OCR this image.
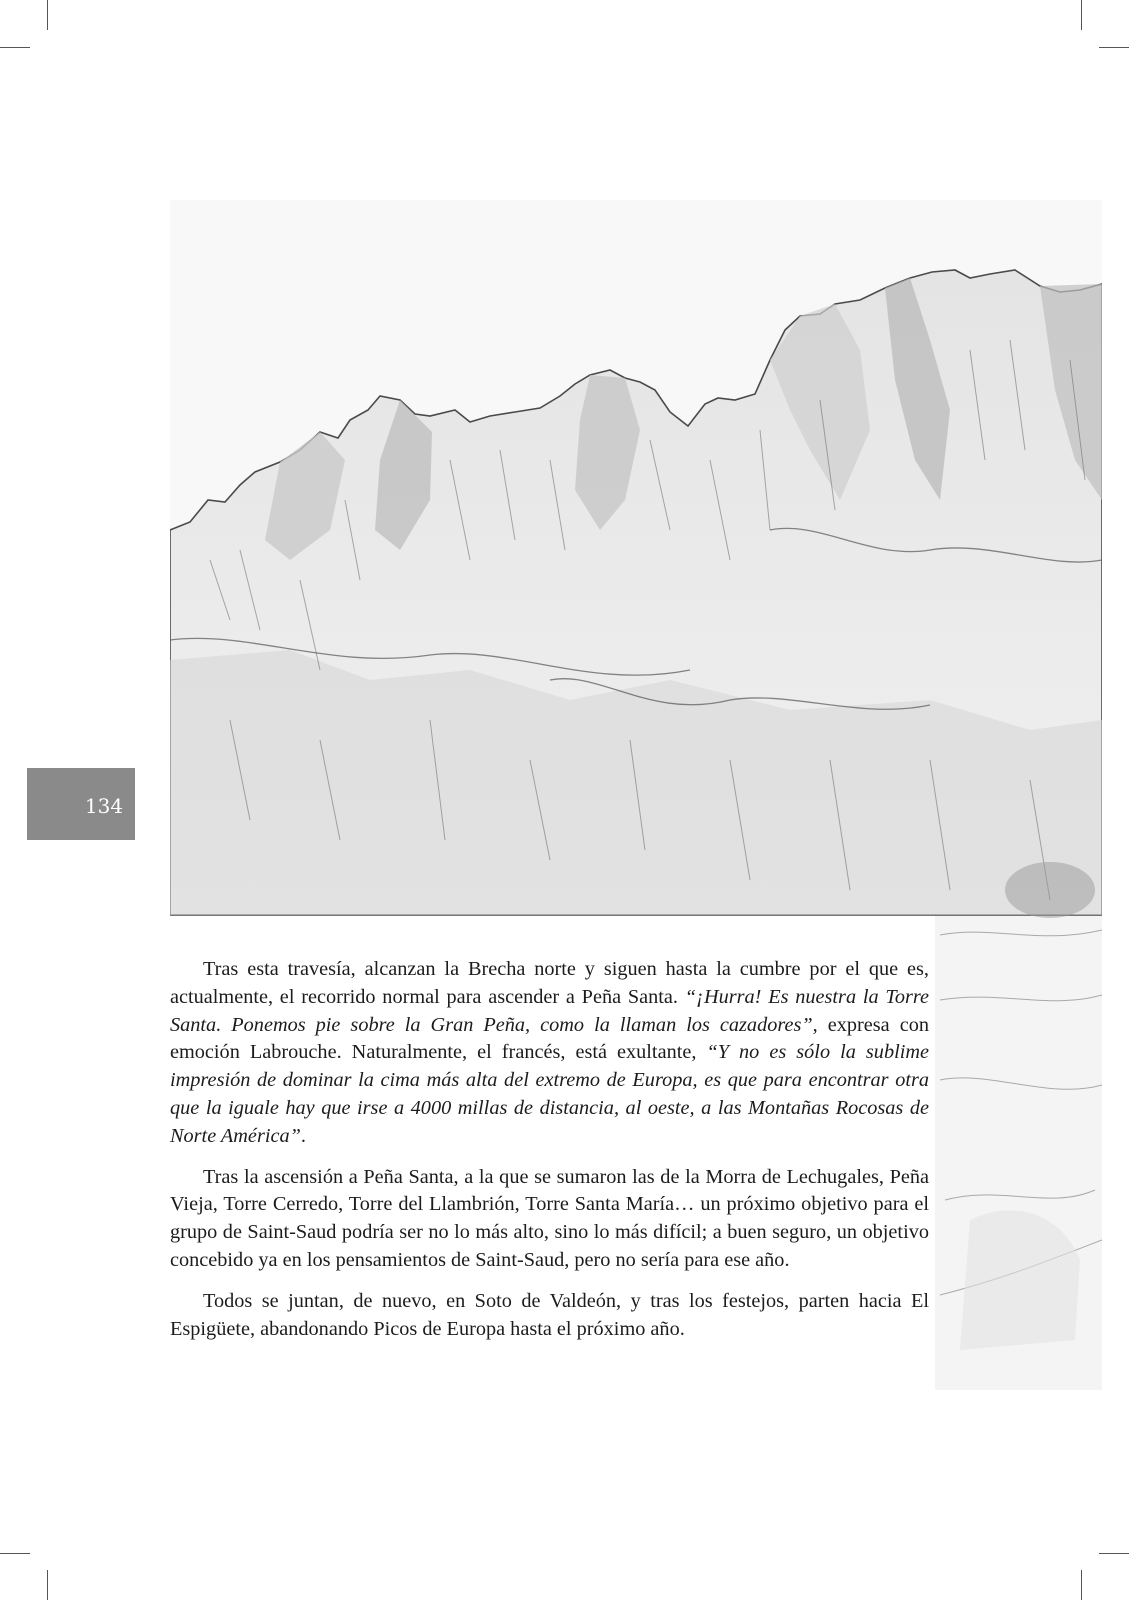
134

Tras esta travesía, alcanzan la Brecha norte y siguen hasta la cumbre por el que es, actualmente, el recorrido normal para ascender a Peña Santa. “¡Hurra! Es nuestra la Torre Santa. Ponemos pie sobre la Gran Peña, como la llaman los cazadores”, expresa con emoción Labrouche. Naturalmente, el francés, está exultante, “Y no es sólo la sublime impresión de dominar la cima más alta del extremo de Europa, es que para encontrar otra que la iguale hay que irse a 4000 millas de distancia, al oeste, a las Montañas Rocosas de Norte América”.

Tras la ascensión a Peña Santa, a la que se sumaron las de la Morra de Lechugales, Peña Vieja, Torre Cerredo, Torre del Llambrión, Torre Santa María… un próximo objetivo para el grupo de Saint-Saud podría ser no lo más alto, sino lo más difícil; a buen seguro, un objetivo concebido ya en los pensamientos de Saint-Saud, pero no sería para ese año.

Todos se juntan, de nuevo, en Soto de Valdeón, y tras los festejos, parten hacia El Espigüete, abandonando Picos de Europa hasta el próximo año.
